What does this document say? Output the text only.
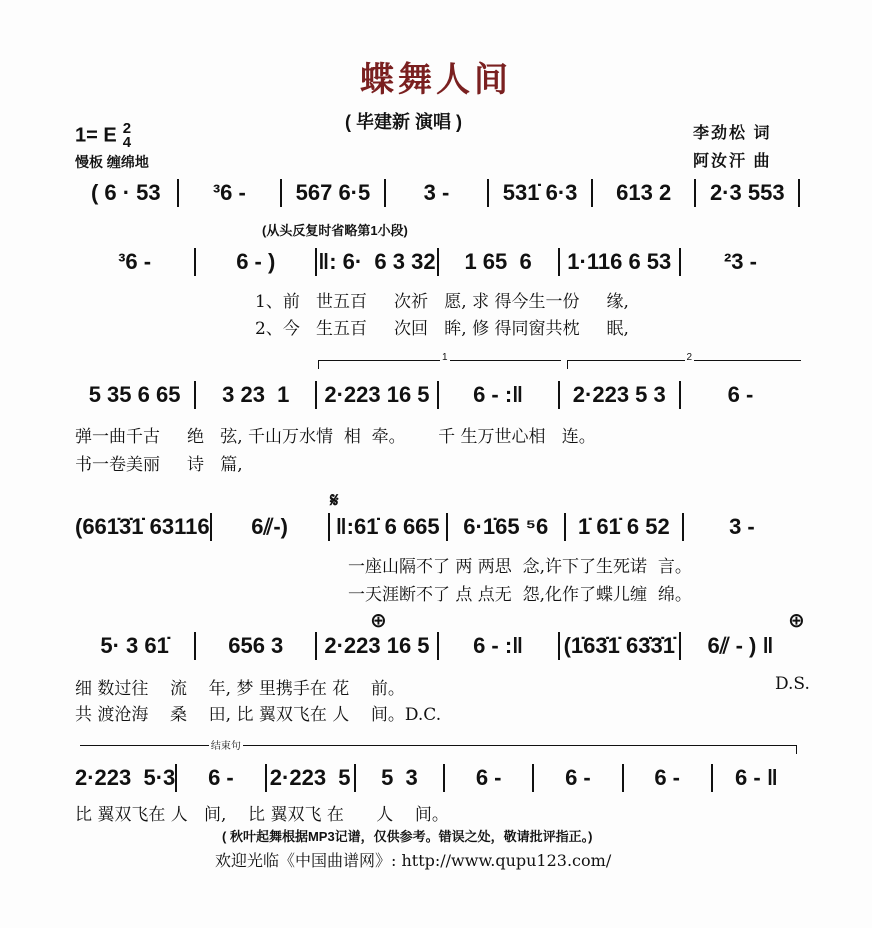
蝶舞人间
( 毕建新 演唱 )
1= E 2
4
慢板 缠绵地
李劲松 词
阿汝汗 曲
( 6 · 53	³6 -	567 6·5	3 -	531̇ 6·3	613 2	2·3 553
(从头反复时省略第1小段)
³6 -	6 - )	‖: 6·  6 3 32	1 65  6	1·116 6 53	²3 -
1、前   世五百     次祈   愿, 求 得今生一份     缘,
2、今   生五百     次回   眸, 修 得同窗共枕     眠,
1	2
5 35 6 65	3 23  1	2·223 16 5	6 - :‖	2·223 5 3	6 -
弹一曲千古     绝   弦, 千山万水情  相  牵。      千 生万世心相   连。
书一卷美丽     诗   篇,
𝄋
(661̇3̇1̇ 63116	6⫽-)	‖:61̇ 6 665	6·1̇65 ⁵6	1̇ 61̇ 6 52	3 -
一座山隔不了 两 两思  念,许下了生死诺  言。
一天涯断不了 点 点无  怨,化作了蝶儿缠  绵。
⊕	⊕
5· 3 61̇	656 3	2·223 16 5	6 - :‖	(1̇63̇1̇ 63̇3̇1̇	6⫽ - ) ‖
细 数过往    流    年, 梦 里携手在 花    前。
共 渡沧海    桑    田, 比 翼双飞在 人    间。D.C.
D.S.
结束句
2·223  5·3	6 -	2·223  5	5  3	6 -	6 -	6 -	6 - ‖
比 翼双飞在 人   间,    比 翼双飞 在      人    间。
( 秋叶起舞根据MP3记谱，仅供参考。错误之处，敬请批评指正。)
欢迎光临《中国曲谱网》: http://www.qupu123.com/
